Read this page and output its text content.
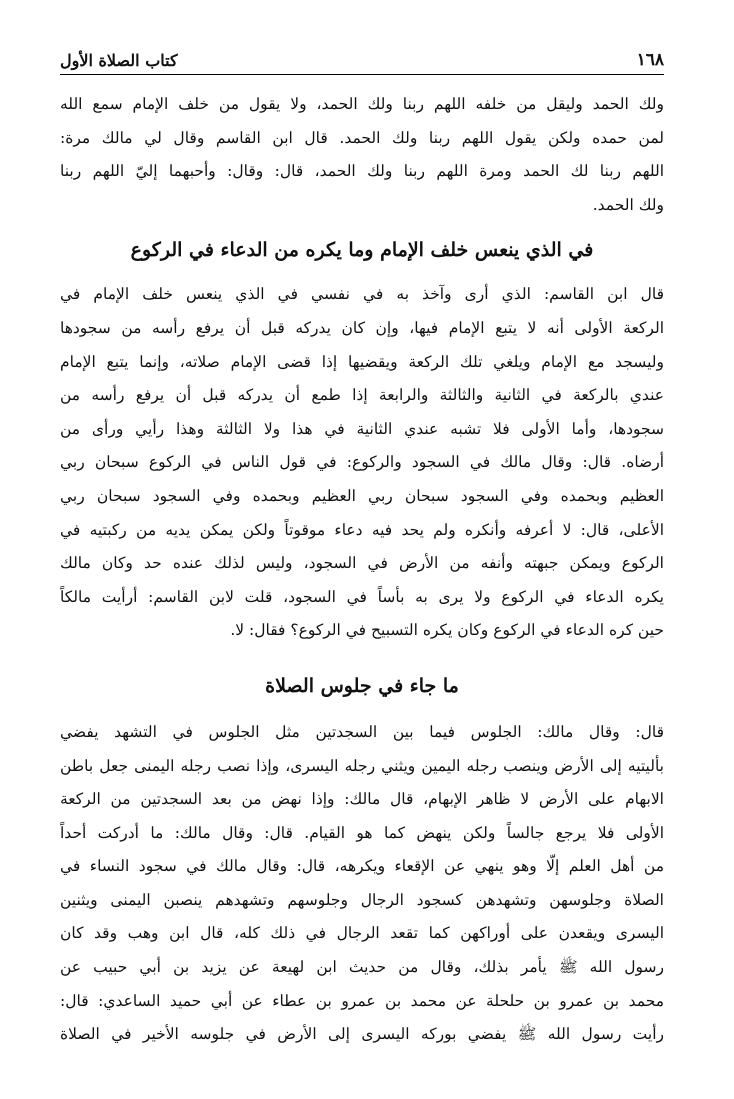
كتاب الصلاة الأول	١٦٨

ولك الحمد وليقل من خلفه اللهم ربنا ولك الحمد، ولا يقول من خلف الإمام سمع الله
لمن حمده ولكن يقول اللهم ربنا ولك الحمد. قال ابن القاسم وقال لي مالك مرة:
اللهم ربنا لك الحمد ومرة اللهم ربنا ولك الحمد، قال: وقال: وأحبهما إليّ اللهم ربنا
ولك الحمد.

في الذي ينعس خلف الإمام وما يكره من الدعاء في الركوع

قال ابن القاسم: الذي أرى وآخذ به في نفسي في الذي ينعس خلف الإمام في
الركعة الأولى أنه لا يتبع الإمام فيها، وإن كان يدركه قبل أن يرفع رأسه من سجودها
وليسجد مع الإمام ويلغي تلك الركعة ويقضيها إذا قضى الإمام صلاته، وإنما يتبع الإمام
عندي بالركعة في الثانية والثالثة والرابعة إذا طمع أن يدركه قبل أن يرفع رأسه من
سجودها، وأما الأولى فلا تشبه عندي الثانية في هذا ولا الثالثة وهذا رأيي ورأى من
أرضاه. قال: وقال مالك في السجود والركوع: في قول الناس في الركوع سبحان ربي
العظيم وبحمده وفي السجود سبحان ربي العظيم وبحمده وفي السجود سبحان ربي
الأعلى، قال: لا أعرفه وأنكره ولم يحد فيه دعاء موقوتاً ولكن يمكن يديه من ركبتيه في
الركوع ويمكن جبهته وأنفه من الأرض في السجود، وليس لذلك عنده حد وكان مالك
يكره الدعاء في الركوع ولا يرى به بأساً في السجود، قلت لابن القاسم: أرأيت مالكاً
حين كره الدعاء في الركوع وكان يكره التسبيح في الركوع؟ فقال: لا.

ما جاء في جلوس الصلاة

قال: وقال مالك: الجلوس فيما بين السجدتين مثل الجلوس في التشهد يفضي
بأليتيه إلى الأرض وينصب رجله اليمين ويثني رجله اليسرى، وإذا نصب رجله اليمنى جعل باطن
الابهام على الأرض لا ظاهر الإبهام، قال مالك: وإذا نهض من بعد السجدتين من الركعة
الأولى فلا يرجع جالساً ولكن ينهض كما هو القيام. قال: وقال مالك: ما أدركت أحداً
من أهل العلم إلّا وهو ينهي عن الإقعاء ويكرهه، قال: وقال مالك في سجود النساء في
الصلاة وجلوسهن وتشهدهن كسجود الرجال وجلوسهم وتشهدهم ينصبن اليمنى ويثنين
اليسرى ويقعدن على أوراكهن كما تقعد الرجال في ذلك كله، قال ابن وهب وقد كان
رسول الله ﷺ يأمر بذلك، وقال من حديث ابن لهيعة عن يزيد بن أبي حبيب عن
محمد بن عمرو بن حلحلة عن محمد بن عمرو بن عطاء عن أبي حميد الساعدي: قال:
رأيت رسول الله ﷺ يفضي بوركه اليسرى إلى الأرض في جلوسه الأخير في الصلاة
